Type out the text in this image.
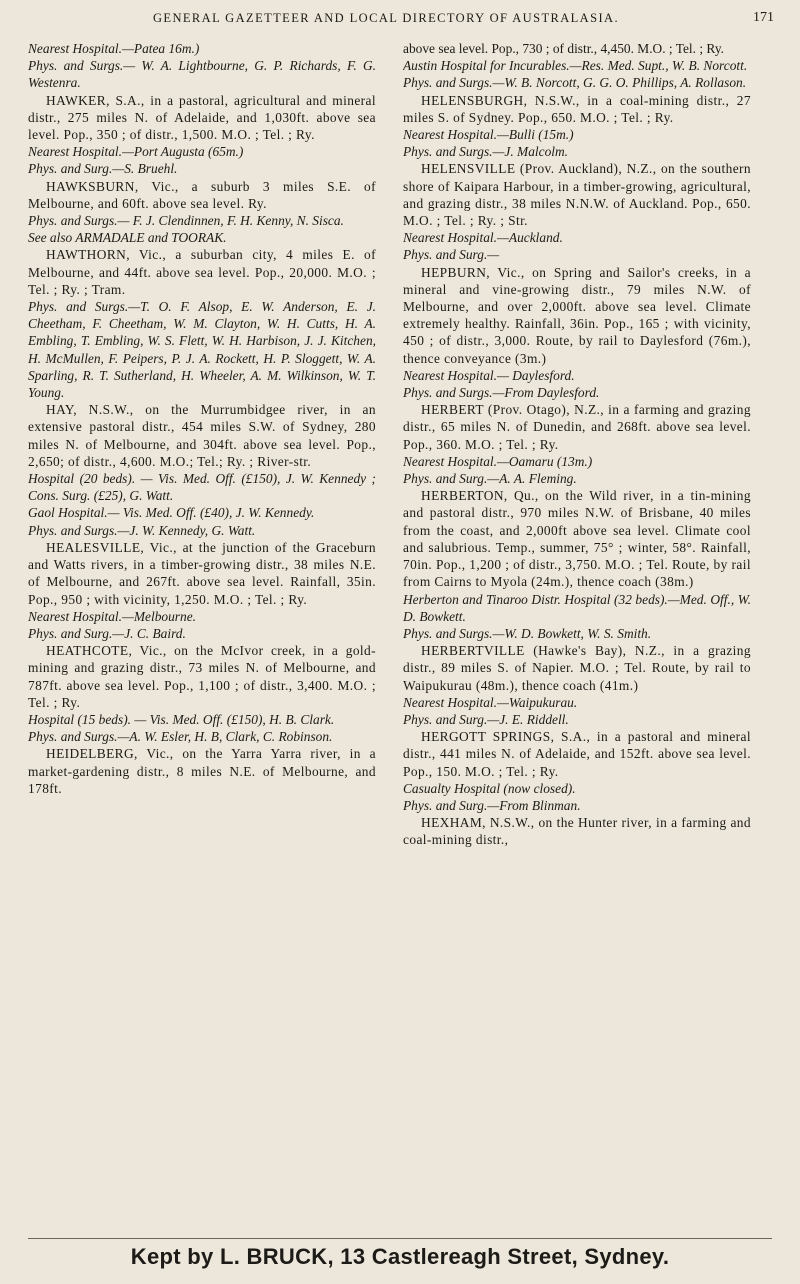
GENERAL GAZETTEER AND LOCAL DIRECTORY OF AUSTRALASIA.	171

Nearest Hospital.—Patea 16m.)

Phys. and Surgs.— W. A. Lightbourne, G. P. Richards, F. G. Westenra.

HAWKER, S.A., in a pastoral, agricultural and mineral distr., 275 miles N. of Adelaide, and 1,030ft. above sea level. Pop., 350 ; of distr., 1,500. M.O. ; Tel. ; Ry.

Nearest Hospital.—Port Augusta (65m.)

Phys. and Surg.—S. Bruehl.

HAWKSBURN, Vic., a suburb 3 miles S.E. of Melbourne, and 60ft. above sea level. Ry.

Phys. and Surgs.— F. J. Clendinnen, F. H. Kenny, N. Sisca.

See also ARMADALE and TOORAK.

HAWTHORN, Vic., a suburban city, 4 miles E. of Melbourne, and 44ft. above sea level. Pop., 20,000. M.O. ; Tel. ; Ry. ; Tram.

Phys. and Surgs.—T. O. F. Alsop, E. W. Anderson, E. J. Cheetham, F. Cheetham, W. M. Clayton, W. H. Cutts, H. A. Embling, T. Embling, W. S. Flett, W. H. Harbison, J. J. Kitchen, H. McMullen, F. Peipers, P. J. A. Rockett, H. P. Sloggett, W. A. Sparling, R. T. Sutherland, H. Wheeler, A. M. Wilkinson, W. T. Young.

HAY, N.S.W., on the Murrumbidgee river, in an extensive pastoral distr., 454 miles S.W. of Sydney, 280 miles N. of Melbourne, and 304ft. above sea level. Pop., 2,650; of distr., 4,600. M.O.; Tel.; Ry. ; River-str.

Hospital (20 beds). — Vis. Med. Off. (£150), J. W. Kennedy ; Cons. Surg. (£25), G. Watt.

Gaol Hospital.— Vis. Med. Off. (£40), J. W. Kennedy.

Phys. and Surgs.—J. W. Kennedy, G. Watt.

HEALESVILLE, Vic., at the junction of the Graceburn and Watts rivers, in a timber-growing distr., 38 miles N.E. of Melbourne, and 267ft. above sea level. Rainfall, 35in. Pop., 950 ; with vicinity, 1,250. M.O. ; Tel. ; Ry.

Nearest Hospital.—Melbourne.

Phys. and Surg.—J. C. Baird.

HEATHCOTE, Vic., on the McIvor creek, in a gold-mining and grazing distr., 73 miles N. of Melbourne, and 787ft. above sea level. Pop., 1,100 ; of distr., 3,400. M.O. ; Tel. ; Ry.

Hospital (15 beds). — Vis. Med. Off. (£150), H. B. Clark.

Phys. and Surgs.—A. W. Esler, H. B, Clark, C. Robinson.

HEIDELBERG, Vic., on the Yarra Yarra river, in a market-gardening distr., 8 miles N.E. of Melbourne, and 178ft.

above sea level. Pop., 730 ; of distr., 4,450. M.O. ; Tel. ; Ry.

Austin Hospital for Incurables.—Res. Med. Supt., W. B. Norcott.

Phys. and Surgs.—W. B. Norcott, G. G. O. Phillips, A. Rollason.

HELENSBURGH, N.S.W., in a coal-mining distr., 27 miles S. of Sydney. Pop., 650. M.O. ; Tel. ; Ry.

Nearest Hospital.—Bulli (15m.)

Phys. and Surgs.—J. Malcolm.

HELENSVILLE (Prov. Auckland), N.Z., on the southern shore of Kaipara Harbour, in a timber-growing, agricultural, and grazing distr., 38 miles N.N.W. of Auckland. Pop., 650. M.O. ; Tel. ; Ry. ; Str.

Nearest Hospital.—Auckland.

Phys. and Surg.—

HEPBURN, Vic., on Spring and Sailor's creeks, in a mineral and vine-growing distr., 79 miles N.W. of Melbourne, and over 2,000ft. above sea level. Climate extremely healthy. Rainfall, 36in. Pop., 165 ; with vicinity, 450 ; of distr., 3,000. Route, by rail to Daylesford (76m.), thence conveyance (3m.)

Nearest Hospital.— Daylesford.

Phys. and Surgs.—From Daylesford.

HERBERT (Prov. Otago), N.Z., in a farming and grazing distr., 65 miles N. of Dunedin, and 268ft. above sea level. Pop., 360. M.O. ; Tel. ; Ry.

Nearest Hospital.—Oamaru (13m.)

Phys. and Surg.—A. A. Fleming.

HERBERTON, Qu., on the Wild river, in a tin-mining and pastoral distr., 970 miles N.W. of Brisbane, 40 miles from the coast, and 2,000ft above sea level. Climate cool and salubrious. Temp., summer, 75° ; winter, 58°. Rainfall, 70in. Pop., 1,200 ; of distr., 3,750. M.O. ; Tel. Route, by rail from Cairns to Myola (24m.), thence coach (38m.)

Herberton and Tinaroo Distr. Hospital (32 beds).—Med. Off., W. D. Bowkett.

Phys. and Surgs.—W. D. Bowkett, W. S. Smith.

HERBERTVILLE (Hawke's Bay), N.Z., in a grazing distr., 89 miles S. of Napier. M.O. ; Tel. Route, by rail to Waipukurau (48m.), thence coach (41m.)

Nearest Hospital.—Waipukurau.

Phys. and Surg.—J. E. Riddell.

HERGOTT SPRINGS, S.A., in a pastoral and mineral distr., 441 miles N. of Adelaide, and 152ft. above sea level. Pop., 150. M.O. ; Tel. ; Ry.

Casualty Hospital (now closed).

Phys. and Surg.—From Blinman.

HEXHAM, N.S.W., on the Hunter river, in a farming and coal-mining distr.,

Kept by L. BRUCK, 13 Castlereagh Street, Sydney.
